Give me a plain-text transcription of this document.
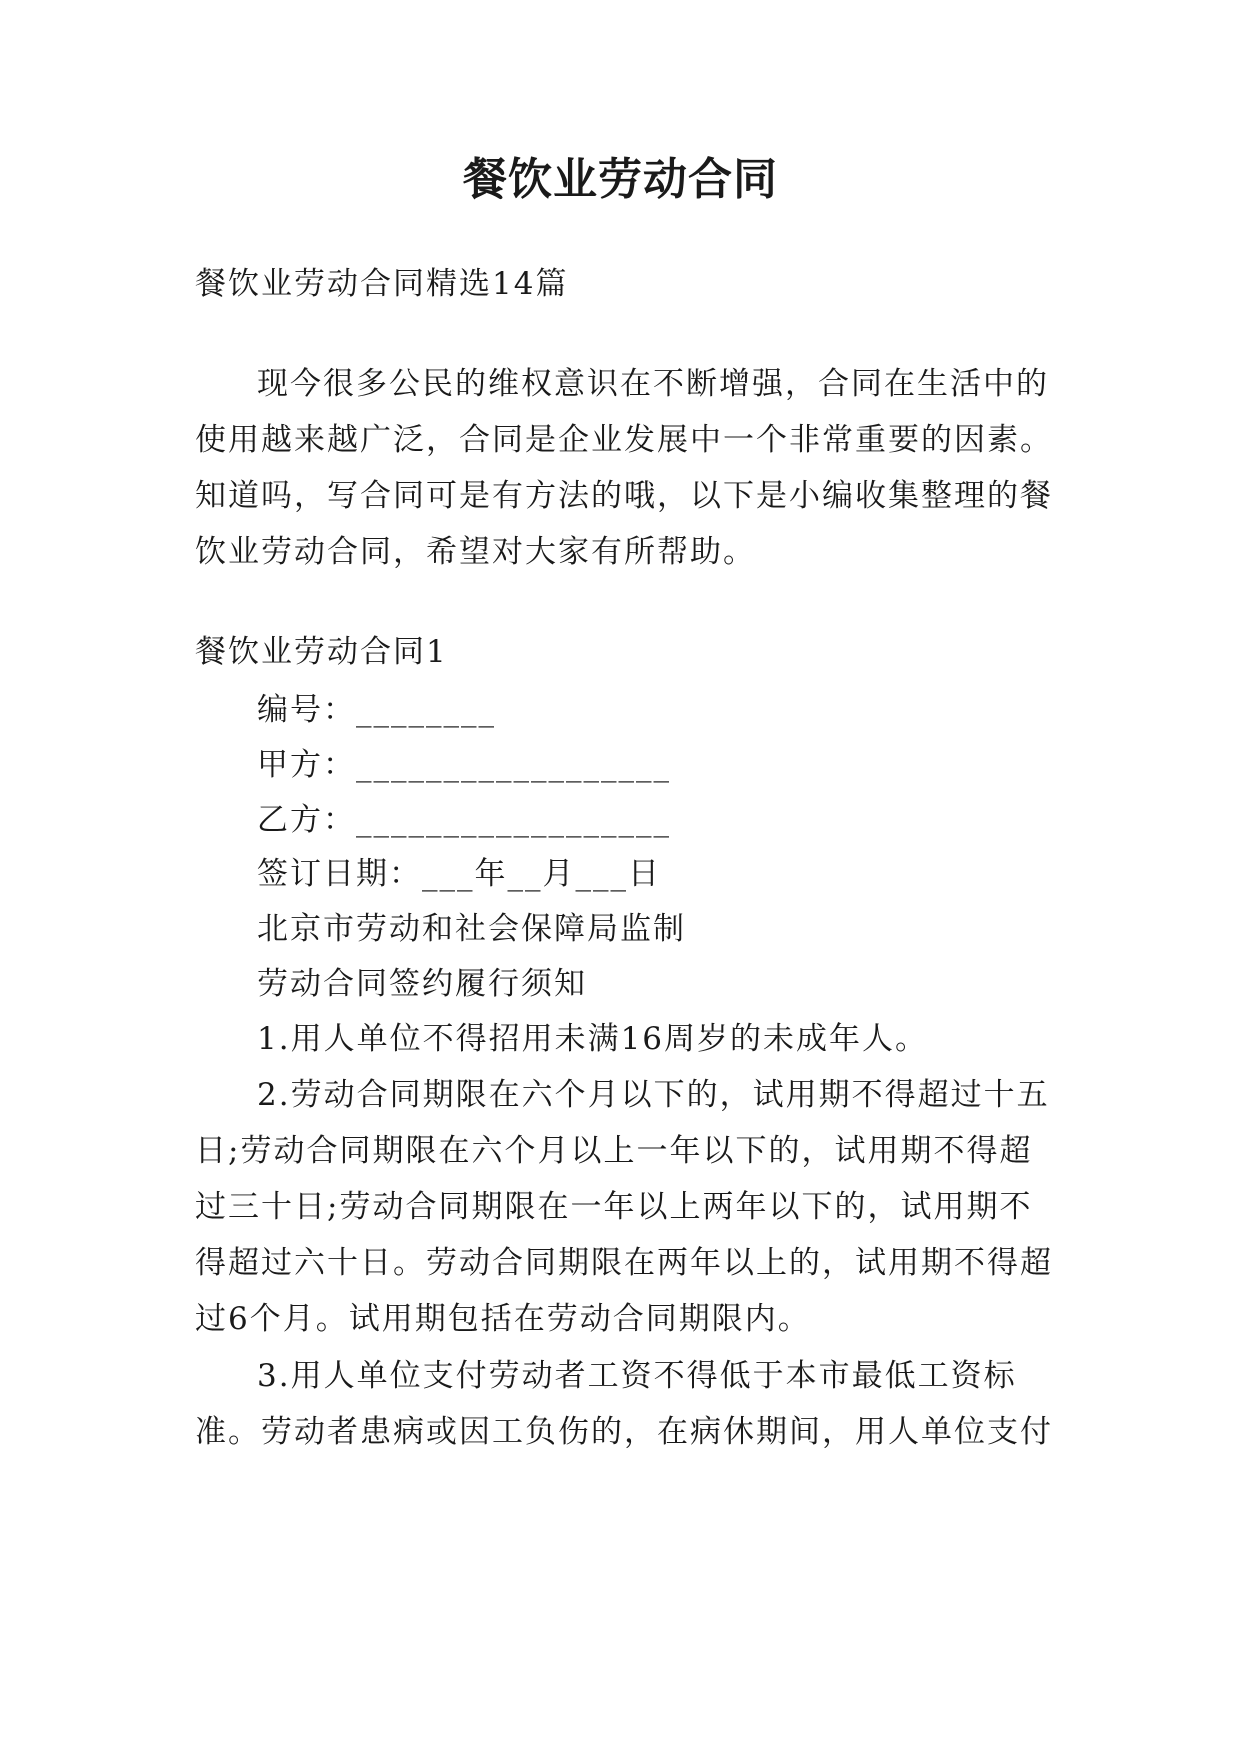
餐饮业劳动合同
餐饮业劳动合同精选14篇
现今很多公民的维权意识在不断增强，合同在生活中的
使用越来越广泛，合同是企业发展中一个非常重要的因素。
知道吗，写合同可是有方法的哦，以下是小编收集整理的餐
饮业劳动合同，希望对大家有所帮助。
餐饮业劳动合同1
编号：________
甲方：__________________
乙方：__________________
签订日期：___年__月___日
北京市劳动和社会保障局监制
劳动合同签约履行须知
1.用人单位不得招用未满16周岁的未成年人。
2.劳动合同期限在六个月以下的，试用期不得超过十五
日;劳动合同期限在六个月以上一年以下的，试用期不得超
过三十日;劳动合同期限在一年以上两年以下的，试用期不
得超过六十日。劳动合同期限在两年以上的，试用期不得超
过6个月。试用期包括在劳动合同期限内。
3.用人单位支付劳动者工资不得低于本市最低工资标
准。劳动者患病或因工负伤的，在病休期间，用人单位支付
